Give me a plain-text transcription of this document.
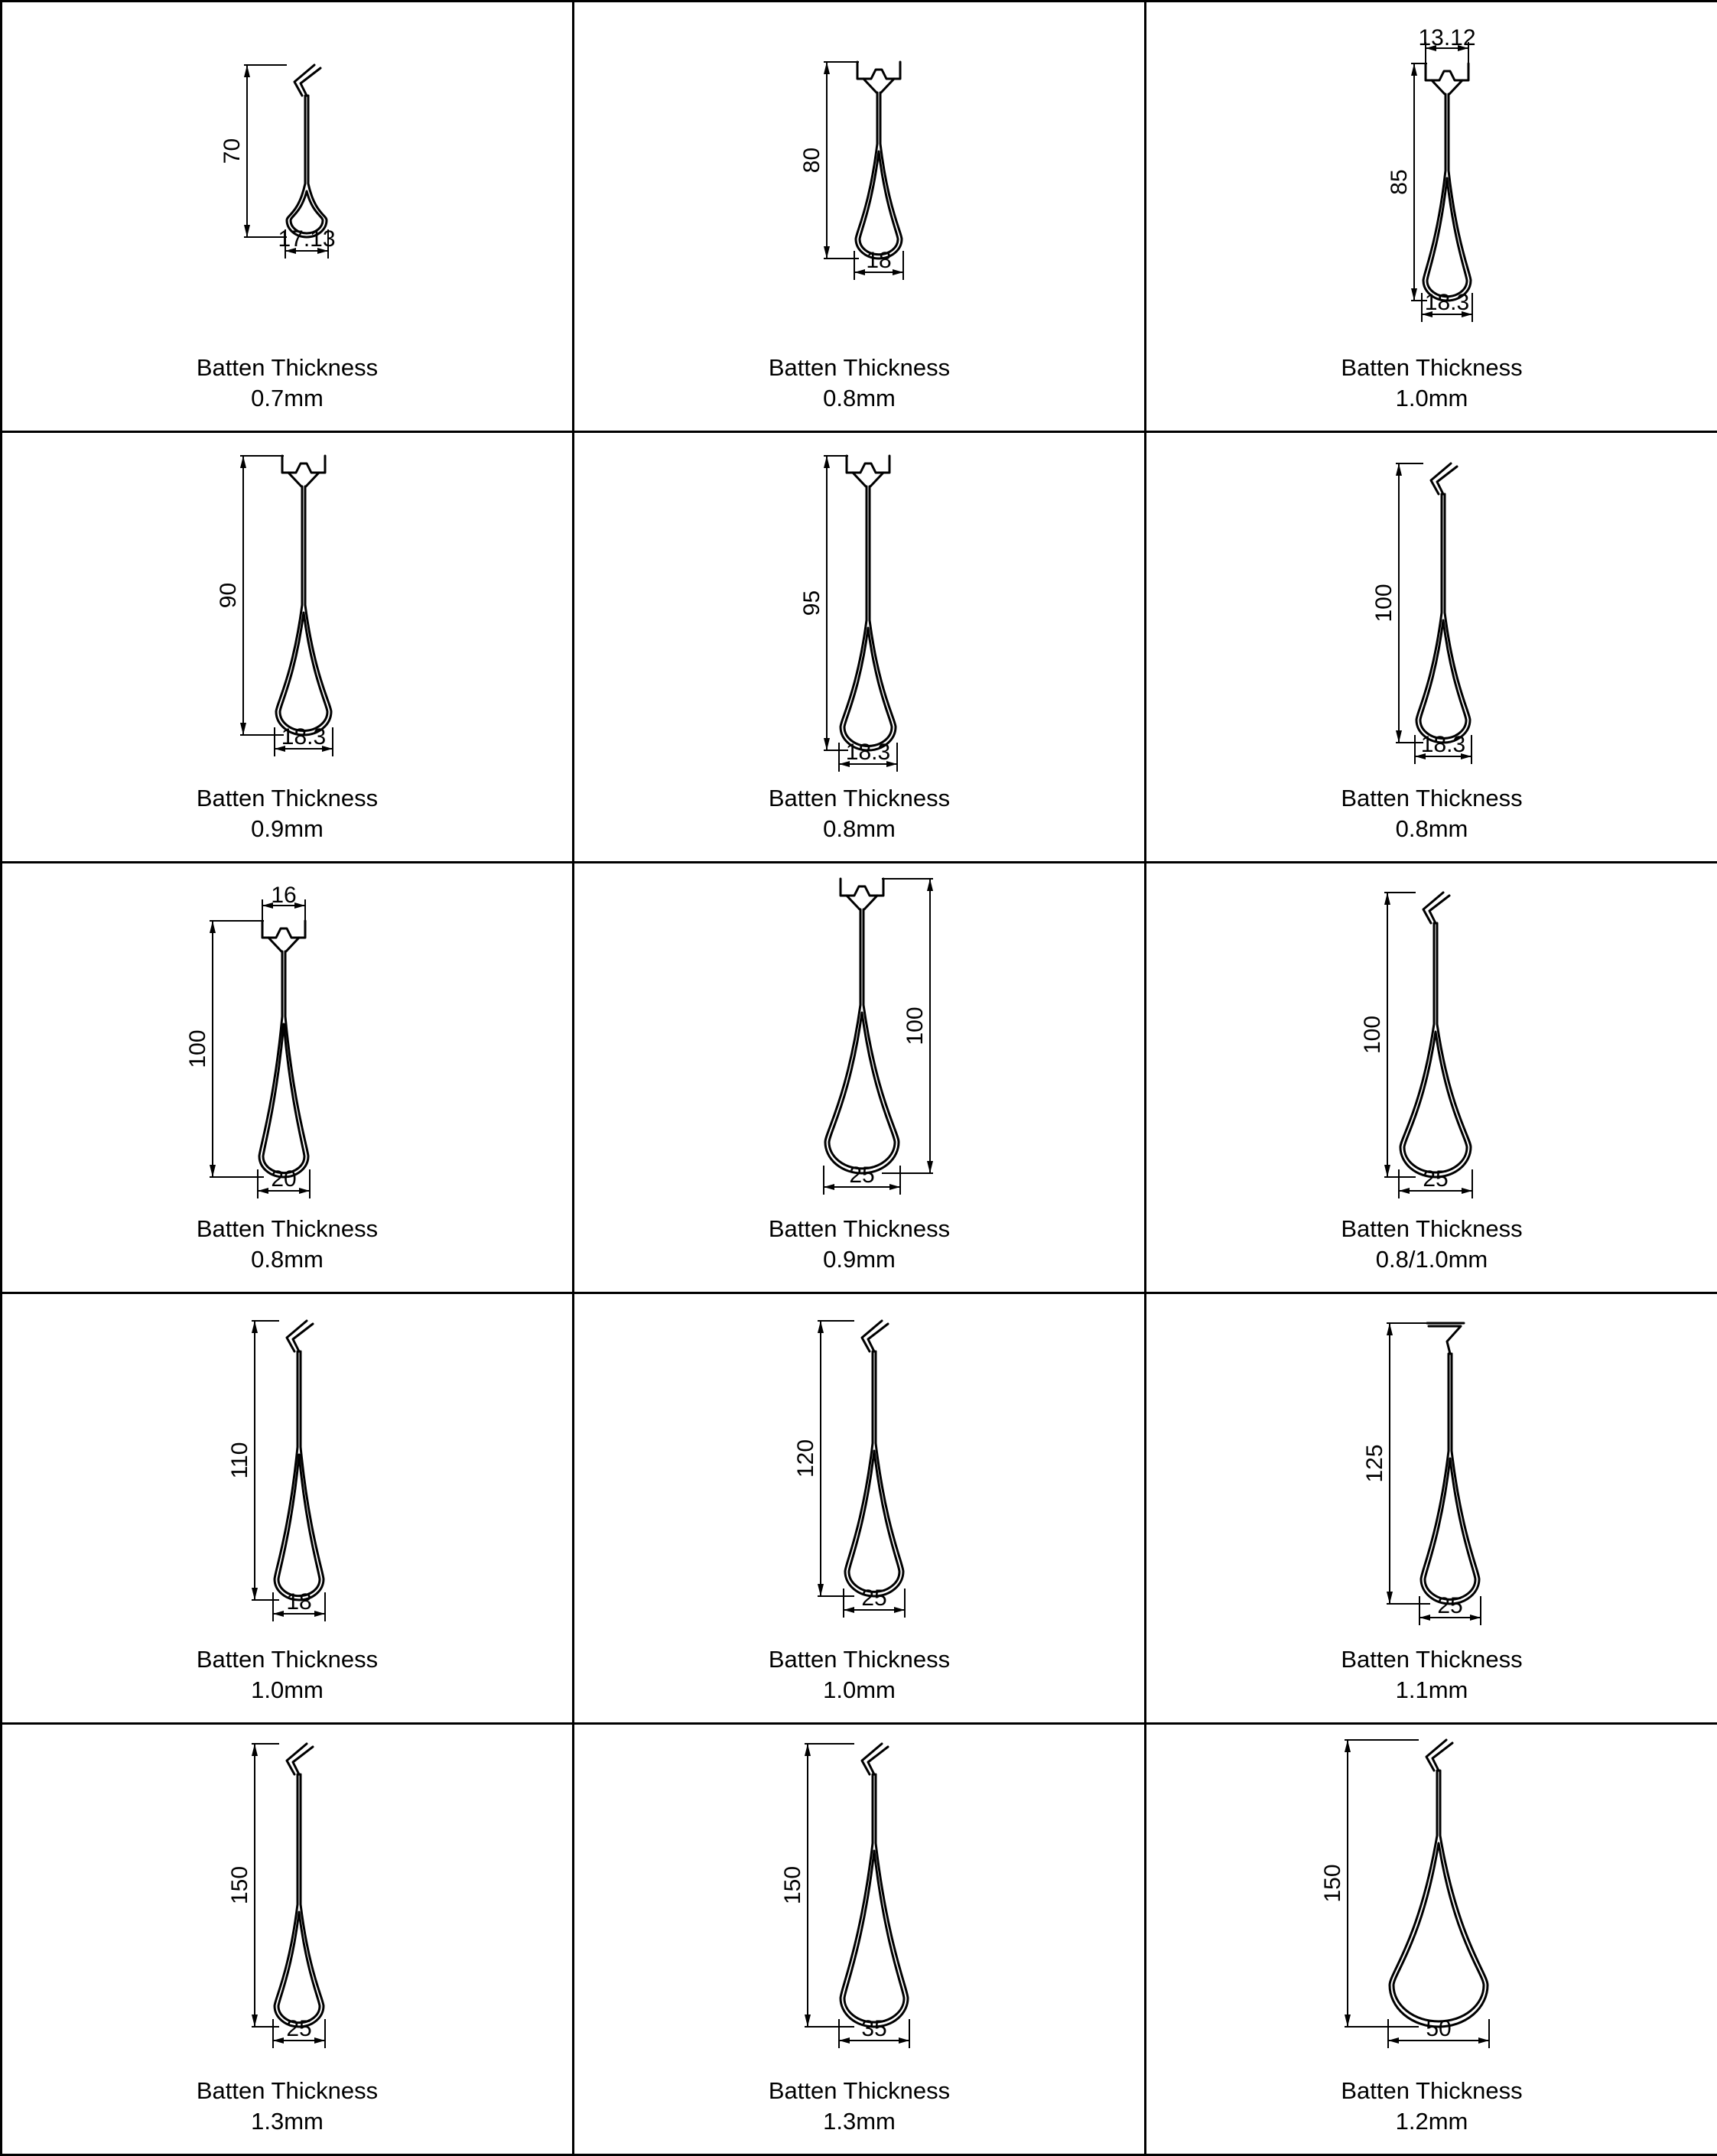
70
17.13
Batten Thickness
0.7mm
80
18
Batten Thickness
0.8mm
85
18.3
13.12
Batten Thickness
1.0mm
90
18.3
Batten Thickness
0.9mm
95
18.3
Batten Thickness
0.8mm
100
18.3
Batten Thickness
0.8mm
100
20
16
Batten Thickness
0.8mm
100
25
Batten Thickness
0.9mm
100
25
Batten Thickness
0.8/1.0mm
110
18
Batten Thickness
1.0mm
120
25
Batten Thickness
1.0mm
125
25
Batten Thickness
1.1mm
150
25
Batten Thickness
1.3mm
150
35
Batten Thickness
1.3mm
150
50
Batten Thickness
1.2mm
